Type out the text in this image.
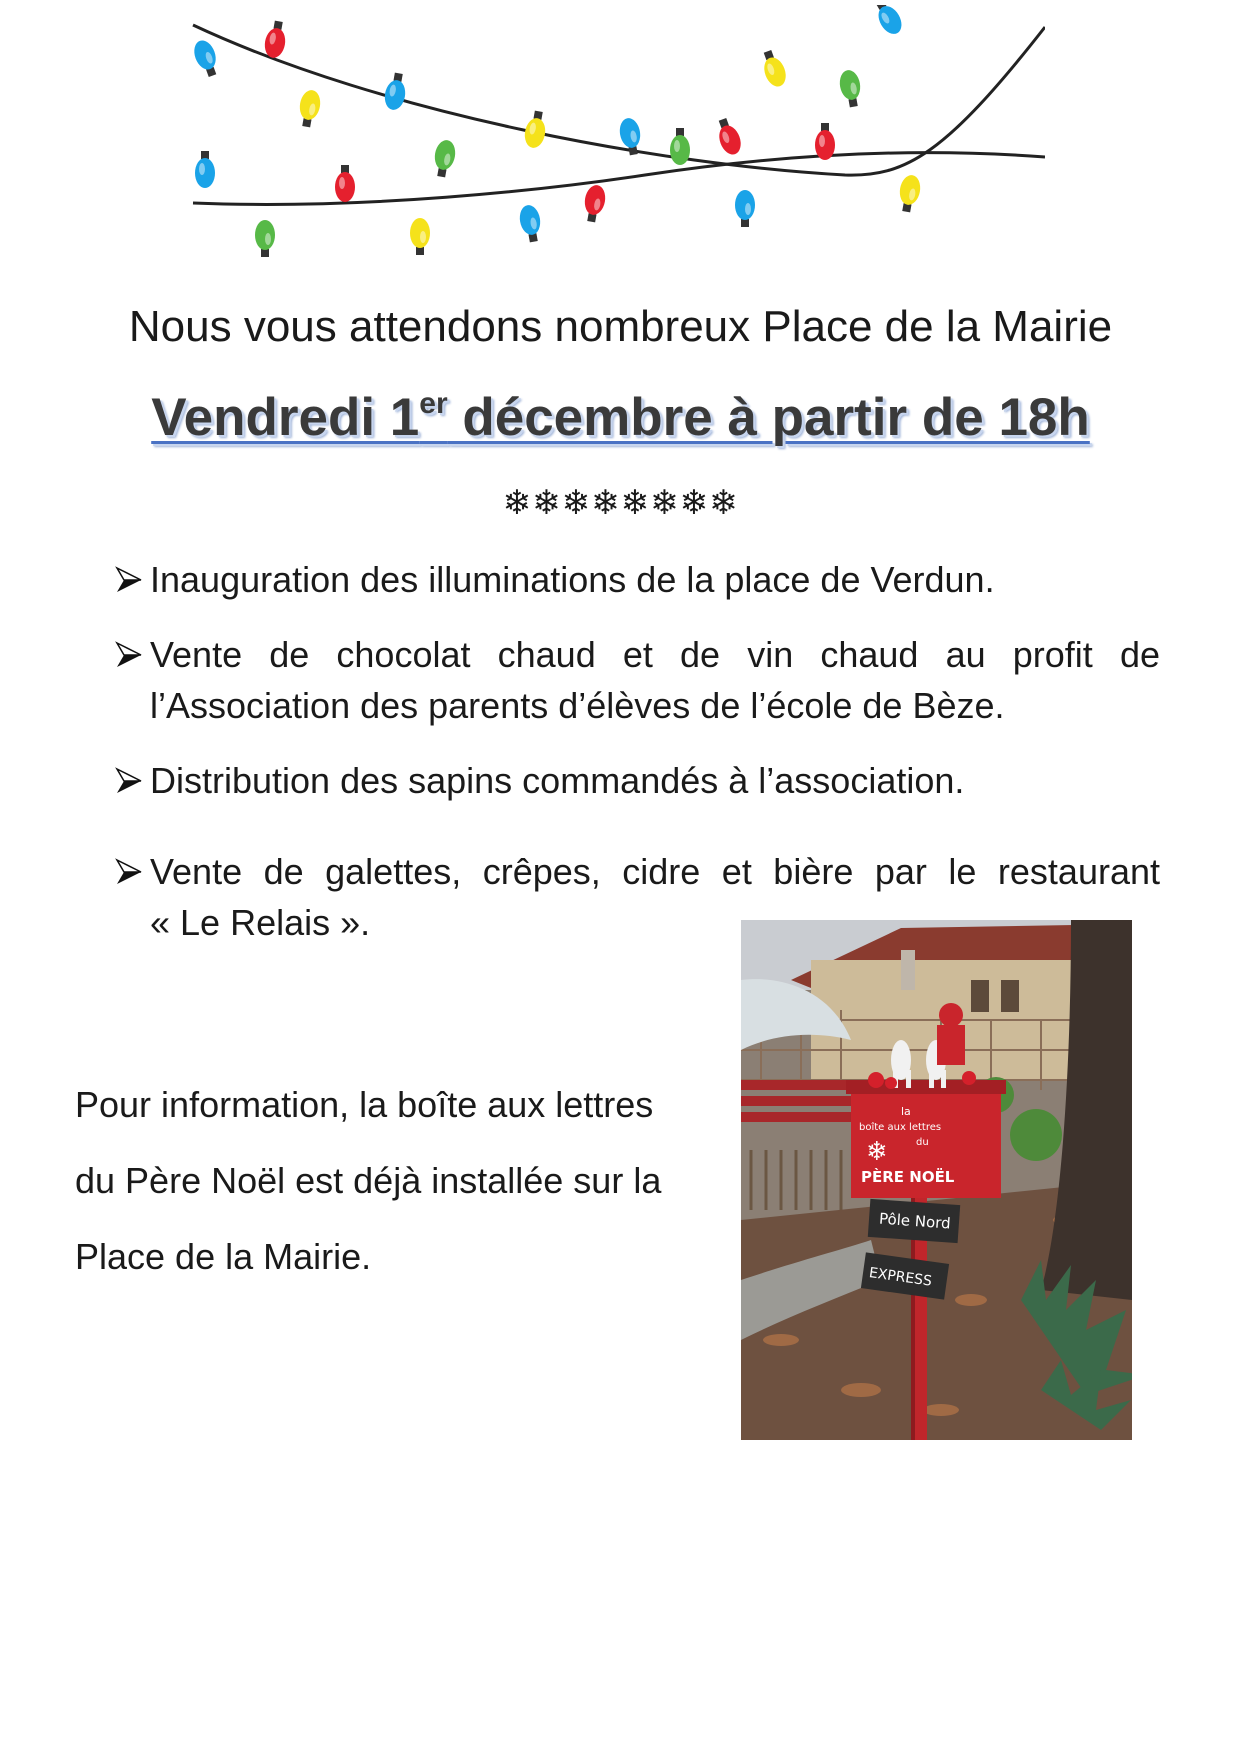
Nous vous attendons nombreux Place de la Mairie
Vendredi 1er décembre à partir de 18h
❄❄❄❄❄❄❄❄
Inauguration des illuminations de la place de Verdun.
Vente de chocolat chaud et de vin chaud au profit de
l’Association des parents d’élèves de l’école de Bèze.
Distribution des sapins commandés à l’association.
Vente de galettes, crêpes, cidre et bière par le restaurant
« Le Relais ».
Pour information, la boîte aux lettres
du Père Noël est déjà installée sur la
Place de la Mairie.
la
boîte aux lettres
du
PÈRE NOËL
❄
Pôle Nord
EXPRESS
